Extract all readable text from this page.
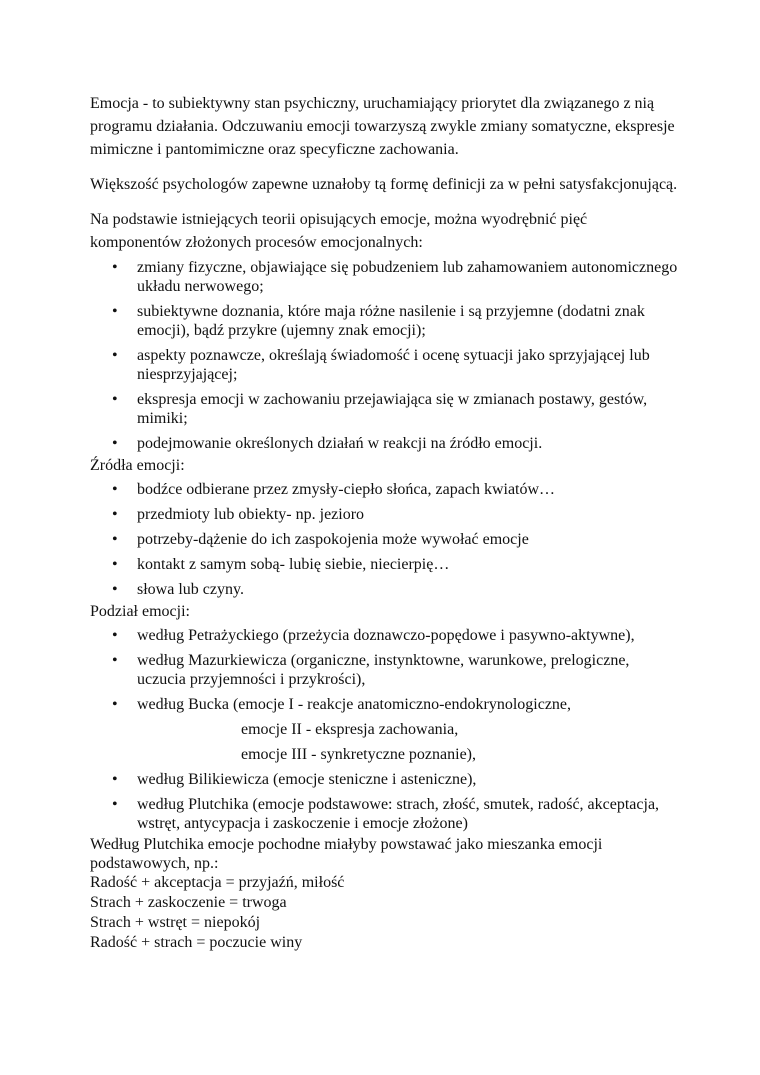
Emocja - to subiektywny stan psychiczny, uruchamiający priorytet dla związanego z nią programu działania. Odczuwaniu emocji towarzyszą zwykle zmiany somatyczne, ekspresje mimiczne i pantomimiczne oraz specyficzne zachowania.

Większość psychologów zapewne uznałoby tą formę definicji za w pełni satysfakcjonującą.

Na podstawie istniejących teorii opisujących emocje, można wyodrębnić pięć komponentów złożonych procesów emocjonalnych:

• zmiany fizyczne, objawiające się pobudzeniem lub zahamowaniem autonomicznego układu nerwowego;
• subiektywne doznania, które maja różne nasilenie i są przyjemne (dodatni znak emocji), bądź przykre (ujemny znak emocji);
• aspekty poznawcze, określają świadomość i ocenę sytuacji jako sprzyjającej lub niesprzyjającej;
• ekspresja emocji w zachowaniu przejawiająca się w zmianach postawy, gestów, mimiki;
• podejmowanie określonych działań w reakcji na źródło emocji.

Źródła emocji:

• bodźce odbierane przez zmysły-ciepło słońca, zapach kwiatów…
• przedmioty lub obiekty- np. jezioro
• potrzeby-dążenie do ich zaspokojenia może wywołać emocje
• kontakt z samym sobą- lubię siebie, niecierpię…
• słowa lub czyny.

Podział emocji:

• według Petrażyckiego (przeżycia doznawczo-popędowe i pasywno-aktywne),
• według Mazurkiewicza (organiczne, instynktowne, warunkowe, prelogiczne, uczucia przyjemności i przykrości),
• według Bucka (emocje I - reakcje anatomiczno-endokrynologiczne,
emocje II - ekspresja zachowania,
emocje III - synkretyczne poznanie),
• według Bilikiewicza (emocje steniczne i asteniczne),
• według Plutchika (emocje podstawowe: strach, złość, smutek, radość, akceptacja, wstręt, antycypacja i zaskoczenie i emocje złożone)

Według Plutchika emocje pochodne miałyby powstawać jako mieszanka emocji podstawowych, np.:

Radość + akceptacja = przyjaźń, miłość

Strach + zaskoczenie = trwoga

Strach + wstręt = niepokój

Radość + strach = poczucie winy
